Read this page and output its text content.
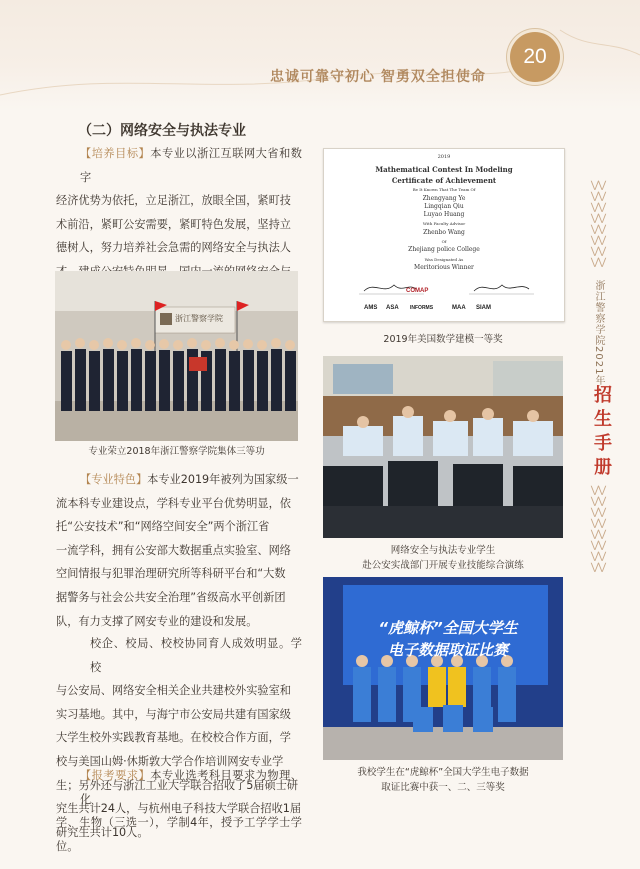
忠诚可靠守初心 智勇双全担使命
20
（二）网络安全与执法专业
【培养目标】本专业以浙江互联网大省和数字
经济优势为依托，立足浙江，放眼全国，紧町技
术前沿，紧町公安需要，紧町特色发展，坚持立
德树人，努力培养社会急需的网络安全与执法人
浙江警察学院
专业荣立2018年浙江警察学院集体三等功
【专业特色】本专业2019年被列为国家级一
流本科专业建设点，学科专业平台优势明显，依
托“公安技术”和“网络空间安全”两个浙江省
一流学科，拥有公安部大数据重点实验室、网络
空间情报与犯罪治理研究所等科研平台和“大数
据警务与社会公共安全治理”省级高水平创新团
队，有力支撑了网安专业的建设和发展。
校企、校局、校校协同育人成效明显。学校
与公安局、网络安全相关企业共建校外实验室和
实习基地。其中，与海宁市公安局共建有国家级
大学生校外实践教育基地。在校校合作方面，学
校与美国山姆·休斯敦大学合作培训网安专业学
生；另外还与浙江工业大学联合招收了5届硕士研
究生共计24人，与杭州电子科技大学联合招收1届
研究生共计10人。
【报考要求】本专业选考科目要求为物理、化
学、生物（三选一），学制4年，授予工学学士学位。
2019
Mathematical Contest In Modeling
Certificate of Achievement
Be It Known That The Team Of
Zhengyang Ye
Lingqian Qiu
Luyao Huang
With Faculty Advisor
Zhenbo Wang
Of
Zhejiang police College
Was Designated As
Meritorious Winner
COMAP
AMS ASA INFORMS	MAA SIAM
2019年美国数学建模一等奖
网络安全与执法专业学生
赴公安实战部门开展专业技能综合演练
“虎鲸杯”全国大学生
电子数据取证比赛
我校学生在“虎鲸杯”全国大学生电子数据
取证比赛中获一、二、三等奖
⋁⋁
⋁⋁
⋁⋁
⋁⋁
⋁⋁
⋁⋁
⋁⋁
⋁⋁
浙江警察学院2021年
招生手册
⋁⋁
⋁⋁
⋁⋁
⋁⋁
⋁⋁
⋁⋁
⋁⋁
⋁⋁
